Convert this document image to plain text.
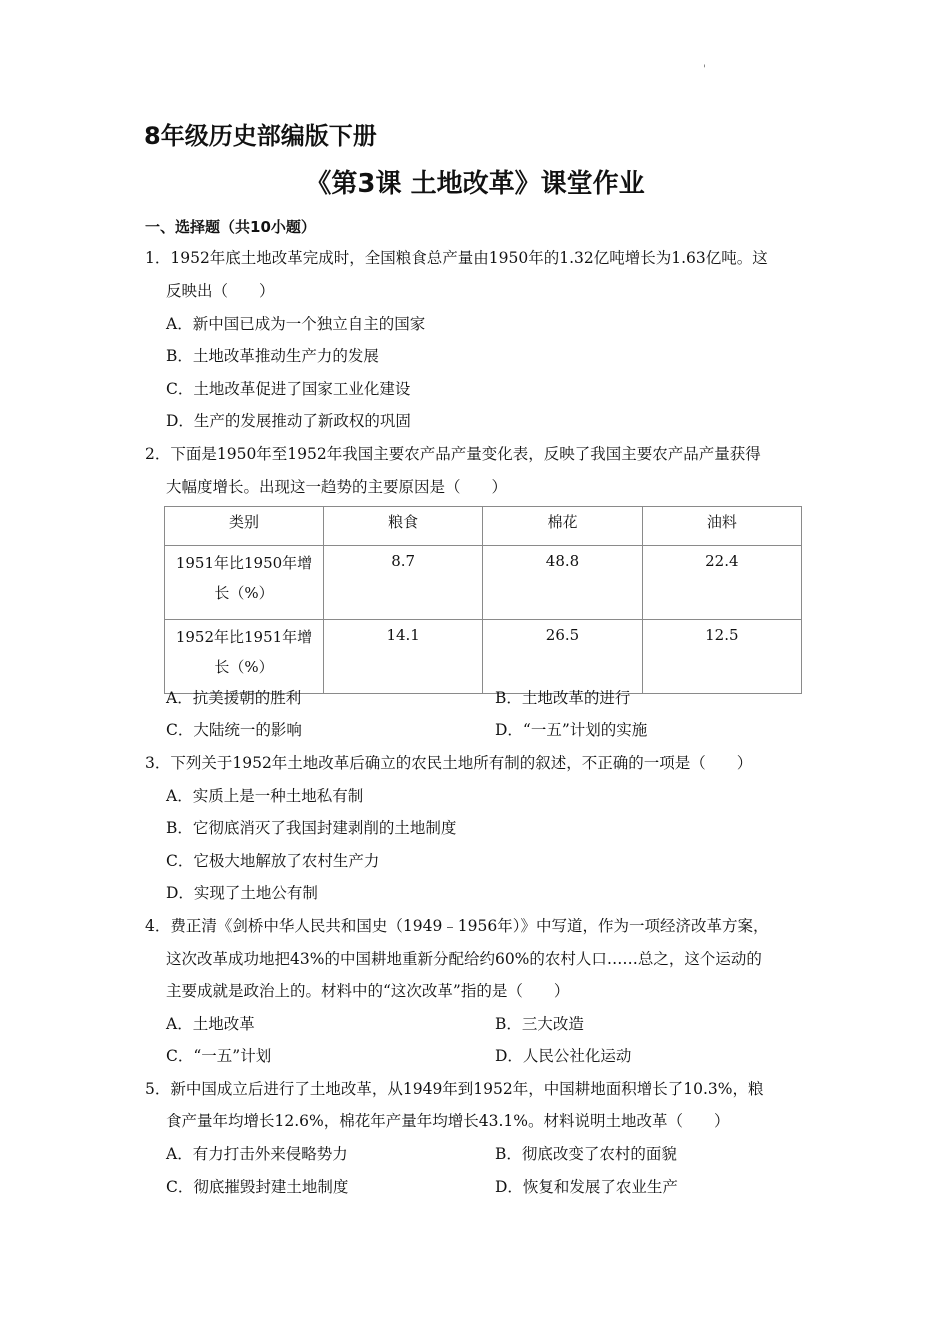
'
8年级历史部编版下册
《第3课 土地改革》课堂作业
一、选择题（共10小题）
1．1952年底土地改革完成时，全国粮食总产量由1950年的1.32亿吨增长为1.63亿吨。这
反映出（　　）
A．新中国已成为一个独立自主的国家
B．土地改革推动生产力的发展
C．土地改革促进了国家工业化建设
D．生产的发展推动了新政权的巩固
2．下面是1950年至1952年我国主要农产品产量变化表，反映了我国主要农产品产量获得
大幅度增长。出现这一趋势的主要原因是（　　）
类别	粮食	棉花	油料

1951年比1950年增
长（%）	8.7	48.8	22.4

1952年比1951年增
长（%）	14.1	26.5	12.5
A．抗美援朝的胜利	B．土地改革的进行
C．大陆统一的影响	D．“一五”计划的实施
3．下列关于1952年土地改革后确立的农民土地所有制的叙述，不正确的一项是（　　）
A．实质上是一种土地私有制
B．它彻底消灭了我国封建剥削的土地制度
C．它极大地解放了农村生产力
D．实现了土地公有制
4．费正清《剑桥中华人民共和国史（1949﹣1956年）》中写道，作为一项经济改革方案，
这次改革成功地把43%的中国耕地重新分配给约60%的农村人口……总之，这个运动的
主要成就是政治上的。材料中的“这次改革”指的是（　　）
A．土地改革	B．三大改造
C．“一五”计划	D．人民公社化运动
5．新中国成立后进行了土地改革，从1949年到1952年，中国耕地面积增长了10.3%，粮
食产量年均增长12.6%，棉花年产量年均增长43.1%。材料说明土地改革（　　）
A．有力打击外来侵略势力	B．彻底改变了农村的面貌
C．彻底摧毁封建土地制度	D．恢复和发展了农业生产
